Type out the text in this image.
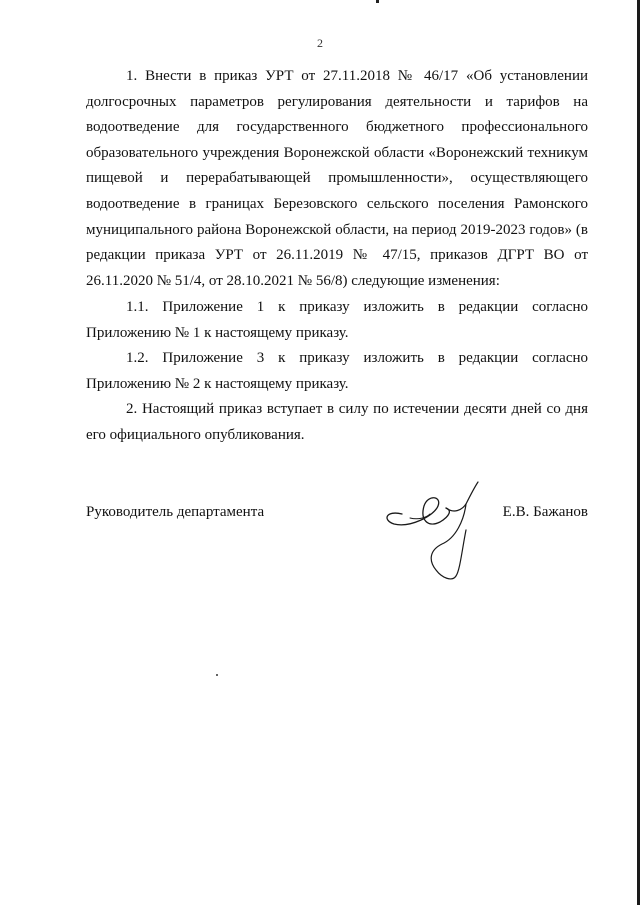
2

1. Внести в приказ УРТ от 27.11.2018 № 46/17 «Об установлении долгосрочных параметров регулирования деятельности и тарифов на водоотведение для государственного бюджетного профессионального образовательного учреждения Воронежской области «Воронежский техникум пищевой и перерабатывающей промышленности», осуществляющего водоотведение в границах Березовского сельского поселения Рамонского муниципального района Воронежской области, на период 2019-2023 годов» (в редакции приказа УРТ от 26.11.2019 № 47/15, приказов ДГРТ ВО от 26.11.2020 № 51/4, от 28.10.2021 № 56/8) следующие изменения:

1.1. Приложение 1 к приказу изложить в редакции согласно Приложению № 1 к настоящему приказу.

1.2. Приложение 3 к приказу изложить в редакции согласно Приложению № 2 к настоящему приказу.

2. Настоящий приказ вступает в силу по истечении десяти дней со дня его официального опубликования.

Руководитель департамента	Е.В. Бажанов
